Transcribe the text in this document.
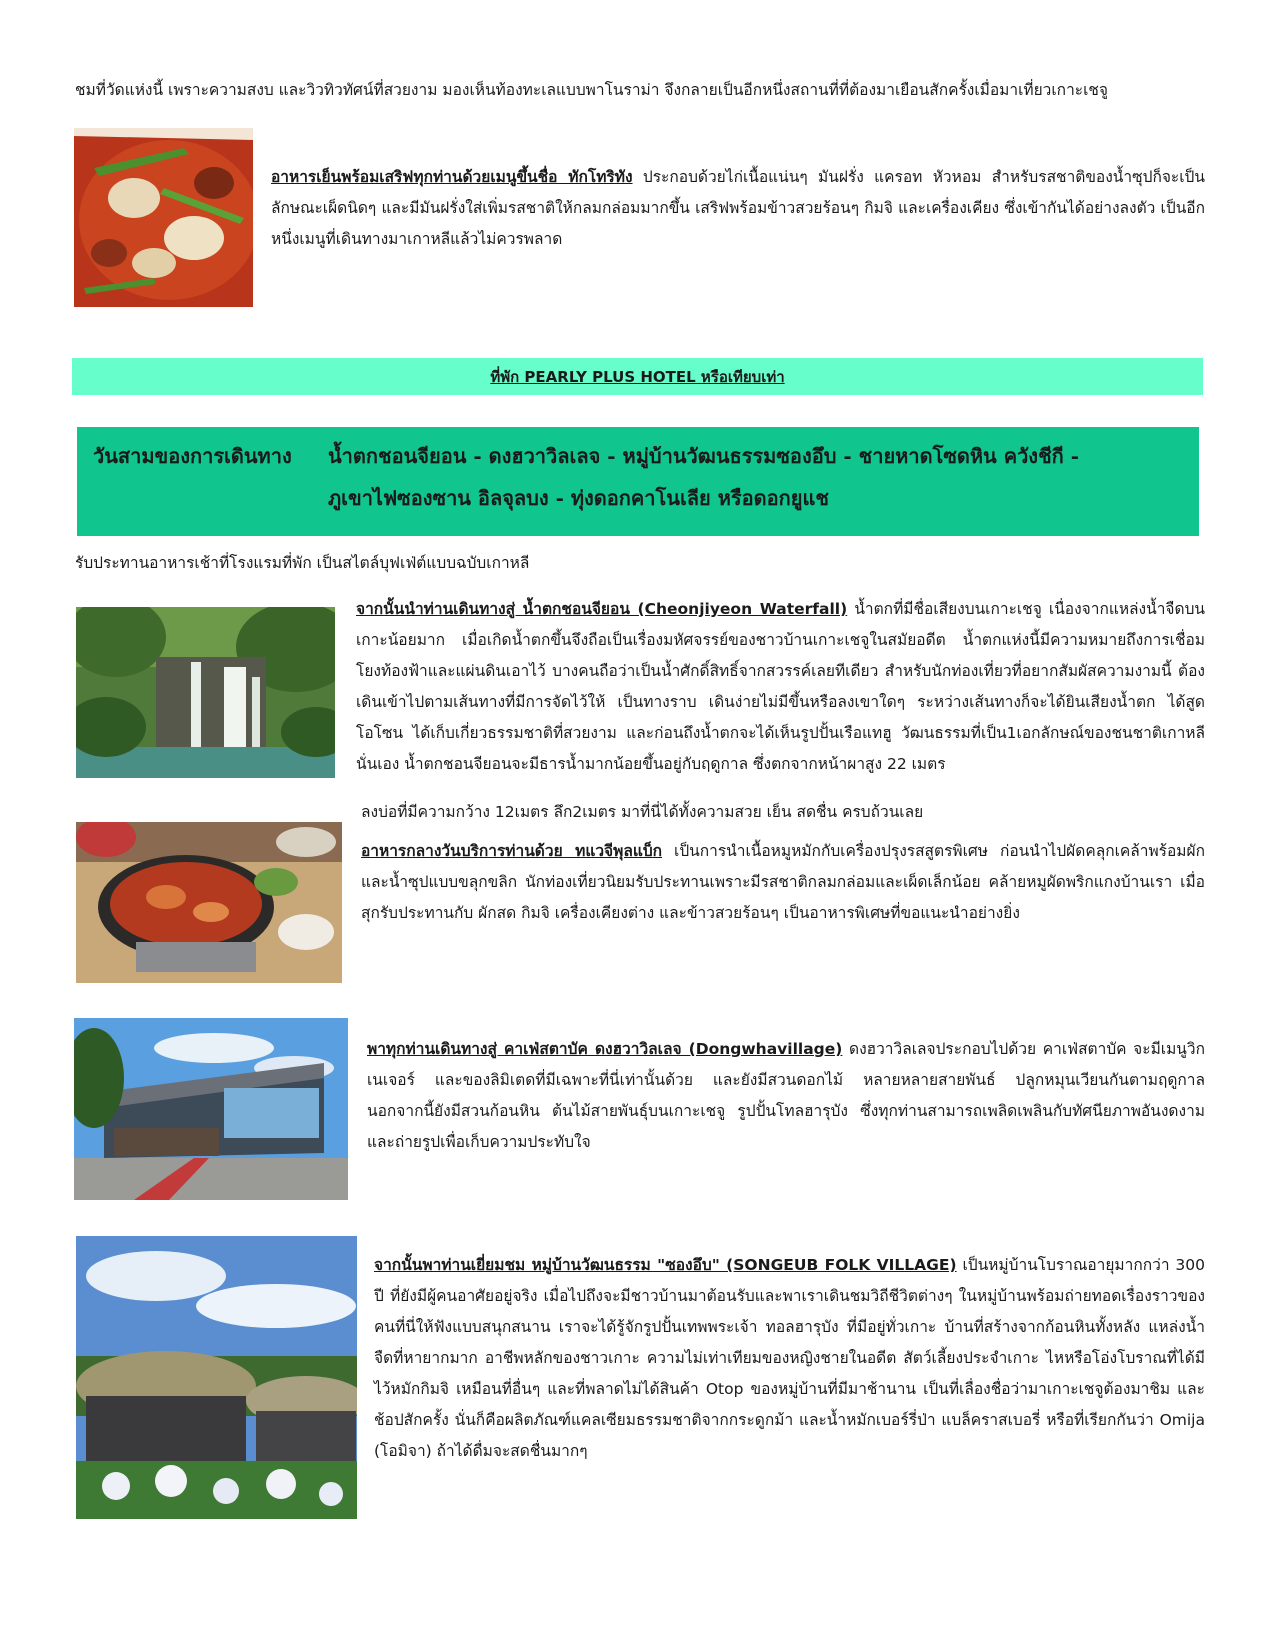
ชมที่วัดแห่งนี้ เพราะความสงบ และวิวทิวทัศน์ที่สวยงาม มองเห็นท้องทะเลแบบพาโนราม่า จึงกลายเป็นอีกหนึ่งสถานที่ที่ต้องมาเยือนสักครั้งเมื่อมาเที่ยวเกาะเชจู
อาหารเย็นพร้อมเสริฟทุกท่านด้วยเมนูขึ้นชื่อ ทักโทริทัง ประกอบด้วยไก่เนื้อแน่นๆ มันฝรั่ง แครอท หัวหอม สำหรับรสชาติของน้ำซุปก็จะเป็นลักษณะเผ็ดนิดๆ และมีมันฝรั่งใส่เพิ่มรสชาติให้กลมกล่อมมากขึ้น เสริฟพร้อมข้าวสวยร้อนๆ กิมจิ และเครื่องเคียง ซึ่งเข้ากันได้อย่างลงตัว เป็นอีกหนึ่งเมนูที่เดินทางมาเกาหลีแล้วไม่ควรพลาด
ที่พัก PEARLY PLUS HOTEL หรือเทียบเท่า
วันสามของการเดินทาง น้ำตกชอนจียอน - ดงฮวาวิลเลจ - หมู่บ้านวัฒนธรรมซองอึบ - ชายหาดโซดหิน ควังชีกี -
ภูเขาไฟซองซาน อิลจุลบง - ทุ่งดอกคาโนเลีย หรือดอกยูแช
รับประทานอาหารเช้าที่โรงแรมที่พัก เป็นสไตล์บุฟเฟ่ต์แบบฉบับเกาหลี
จากนั้นนำท่านเดินทางสู่ น้ำตกชอนจียอน (Cheonjiyeon Waterfall) น้ำตกที่มีชื่อเสียงบนเกาะเชจู เนื่องจากแหล่งน้ำจืดบนเกาะน้อยมาก เมื่อเกิดน้ำตกขึ้นจึงถือเป็นเรื่องมหัศจรรย์ของชาวบ้านเกาะเชจูในสมัยอดีต น้ำตกแห่งนี้มีความหมายถึงการเชื่อมโยงท้องฟ้าและแผ่นดินเอาไว้ บางคนถือว่าเป็นน้ำศักดิ์สิทธิ์จากสวรรค์เลยทีเดียว สำหรับนักท่องเที่ยวที่อยากสัมผัสความงามนี้ ต้องเดินเข้าไปตามเส้นทางที่มีการจัดไว้ให้ เป็นทางราบ เดินง่ายไม่มีขึ้นหรือลงเขาใดๆ ระหว่างเส้นทางก็จะได้ยินเสียงน้ำตก ได้สูดโอโซน ได้เก็บเกี่ยวธรรมชาติที่สวยงาม และก่อนถึงน้ำตกจะได้เห็นรูปปั้นเรือแทฮู วัฒนธรรมที่เป็น1เอกลักษณ์ของชนชาติเกาหลีนั่นเอง น้ำตกชอนจียอนจะมีธารน้ำมากน้อยขึ้นอยู่กับฤดูกาล ซึ่งตกจากหน้าผาสูง 22 เมตร
ลงบ่อที่มีความกว้าง 12เมตร ลึก2เมตร มาที่นี่ได้ทั้งความสวย เย็น สดชื่น ครบถ้วนเลย
อาหารกลางวันบริการท่านด้วย ทแวจีพุลแบ็ก เป็นการนำเนื้อหมูหมักกับเครื่องปรุงรสสูตรพิเศษ ก่อนนำไปผัดคลุกเคล้าพร้อมผักและน้ำซุปแบบขลุกขลิก นักท่องเที่ยวนิยมรับประทานเพราะมีรสชาติกลมกล่อมและเผ็ดเล็กน้อย คล้ายหมูผัดพริกแกงบ้านเรา เมื่อสุกรับประทานกับ ผักสด กิมจิ เครื่องเคียงต่าง และข้าวสวยร้อนๆ เป็นอาหารพิเศษที่ขอแนะนำอย่างยิ่ง
พาทุกท่านเดินทางสู่ คาเฟ่สตาบัค ดงฮวาวิลเลจ (Dongwhavillage) ดงฮวาวิลเลจประกอบไปด้วย คาเฟ่สตาบัค จะมีเมนูวิกเนเจอร์ และของลิมิเตดที่มีเฉพาะที่นี่เท่านั้นด้วย และยังมีสวนดอกไม้ หลายหลายสายพันธ์ ปลูกหมุนเวียนกันตามฤดูกาล นอกจากนี้ยังมีสวนก้อนหิน ต้นไม้สายพันธุ์บนเกาะเชจู รูปปั้นโทลฮารุบัง ซึ่งทุกท่านสามารถเพลิดเพลินกับทัศนียภาพอันงดงามและถ่ายรูปเพื่อเก็บความประทับใจ
จากนั้นพาท่านเยี่ยมชม หมู่บ้านวัฒนธรรม "ซองอึบ" (SONGEUB FOLK VILLAGE) เป็นหมู่บ้านโบราณอายุมากกว่า 300 ปี ที่ยังมีผู้คนอาศัยอยู่จริง เมื่อไปถึงจะมีชาวบ้านมาต้อนรับและพาเราเดินชมวิถีชีวิตต่างๆ ในหมู่บ้านพร้อมถ่ายทอดเรื่องราวของคนที่นี่ให้ฟังแบบสนุกสนาน เราจะได้รู้จักรูปปั้นเทพพระเจ้า ทอลฮารุบัง ที่มีอยู่ทั่วเกาะ บ้านที่สร้างจากก้อนหินทั้งหลัง แหล่งน้ำจืดที่หายากมาก อาชีพหลักของชาวเกาะ ความไม่เท่าเทียมของหญิงชายในอดีต สัตว์เลี้ยงประจำเกาะ ไหหรือโอ่งโบราณที่ได้มีไว้หมักกิมจิ เหมือนที่อื่นๆ และที่พลาดไม่ได้สินค้า Otop ของหมู่บ้านที่มีมาช้านาน เป็นที่เลื่องชื่อว่ามาเกาะเชจูต้องมาชิม และช้อปสักครั้ง นั่นก็คือผลิตภัณฑ์แคลเซียมธรรมชาติจากกระดูกม้า และน้ำหมักเบอร์รี่ป่า แบล็คราสเบอรี่ หรือที่เรียกกันว่า Omija (โอมิจา) ถ้าได้ดื่มจะสดชื่นมากๆ
